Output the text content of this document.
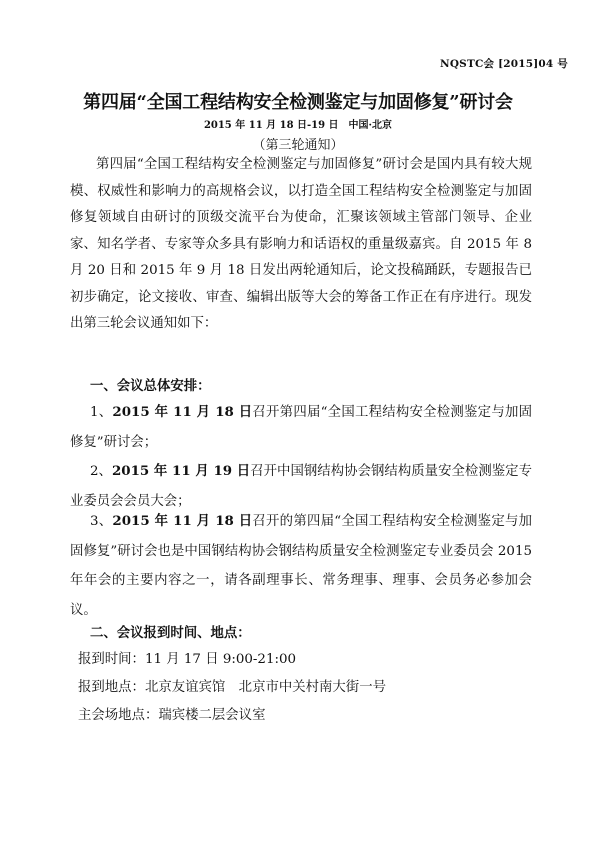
NQSTC会 [2015]04 号
第四届“全国工程结构安全检测鉴定与加固修复”研讨会
2015 年 11 月 18 日-19 日　中国·北京
（第三轮通知）

第四届“全国工程结构安全检测鉴定与加固修复”研讨会是国内具有较大规模、权威性和影响力的高规格会议，以打造全国工程结构安全检测鉴定与加固修复领域自由研讨的顶级交流平台为使命，汇聚该领域主管部门领导、企业家、知名学者、专家等众多具有影响力和话语权的重量级嘉宾。自 2015 年 8 月 20 日和 2015 年 9 月 18 日发出两轮通知后，论文投稿踊跃，专题报告已初步确定，论文接收、审查、编辑出版等大会的筹备工作正在有序进行。现发出第三轮会议通知如下：

一、会议总体安排：

1、2015 年 11 月 18 日召开第四届“全国工程结构安全检测鉴定与加固修复”研讨会；

2、2015 年 11 月 19 日召开中国钢结构协会钢结构质量安全检测鉴定专业委员会会员大会；

3、2015 年 11 月 18 日召开的第四届“全国工程结构安全检测鉴定与加固修复”研讨会也是中国钢结构协会钢结构质量安全检测鉴定专业委员会 2015 年年会的主要内容之一，请各副理事长、常务理事、理事、会员务必参加会议。

二、会议报到时间、地点：
报到时间：11 月 17 日 9:00-21:00
报到地点：北京友谊宾馆　北京市中关村南大街一号
主会场地点：瑞宾楼二层会议室
